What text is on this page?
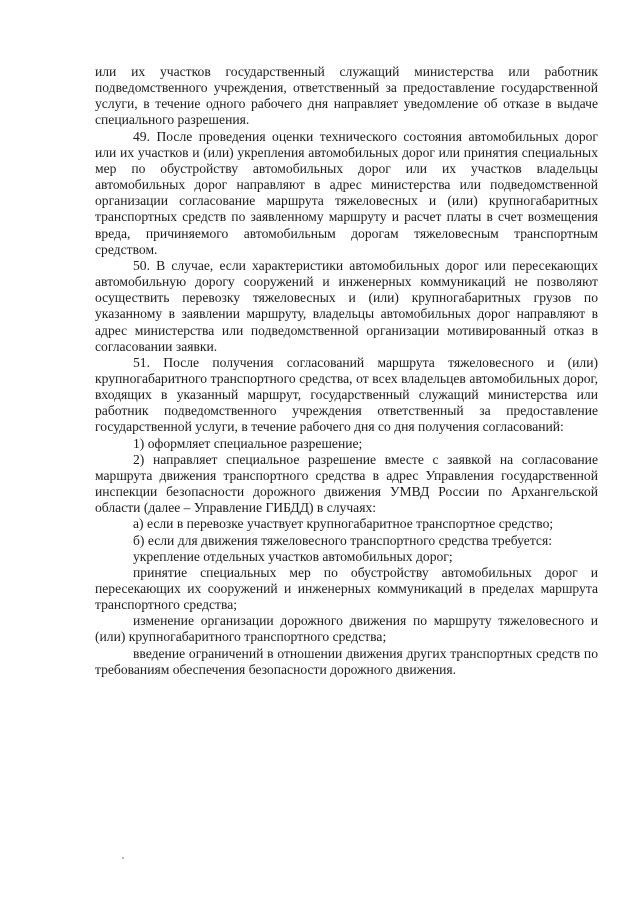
или их участков государственный служащий министерства или работник подведомственного учреждения, ответственный за предоставление государственной услуги, в течение одного рабочего дня направляет уведомление об отказе в выдаче специального разрешения.

49. После проведения оценки технического состояния автомобильных дорог или их участков и (или) укрепления автомобильных дорог или принятия специальных мер по обустройству автомобильных дорог или их участков владельцы автомобильных дорог направляют в адрес министерства или подведомственной организации согласование маршрута тяжеловесных и (или) крупногабаритных транспортных средств по заявленному маршруту и расчет платы в счет возмещения вреда, причиняемого автомобильным дорогам тяжеловесным транспортным средством.

50. В случае, если характеристики автомобильных дорог или пересекающих автомобильную дорогу сооружений и инженерных коммуникаций не позволяют осуществить перевозку тяжеловесных и (или) крупногабаритных грузов по указанному в заявлении маршруту, владельцы автомобильных дорог направляют в адрес министерства или подведомственной организации мотивированный отказ в согласовании заявки.

51. После получения согласований маршрута тяжеловесного и (или) крупногабаритного транспортного средства, от всех владельцев автомобильных дорог, входящих в указанный маршрут, государственный служащий министерства или работник подведомственного учреждения ответственный за предоставление государственной услуги, в течение рабочего дня со дня получения согласований:

1) оформляет специальное разрешение;

2) направляет специальное разрешение вместе с заявкой на согласование маршрута движения транспортного средства в адрес Управления государственной инспекции безопасности дорожного движения УМВД России по Архангельской области (далее – Управление ГИБДД) в случаях:

а) если в перевозке участвует крупногабаритное транспортное средство;

б) если для движения тяжеловесного транспортного средства требуется:

укрепление отдельных участков автомобильных дорог;

принятие специальных мер по обустройству автомобильных дорог и пересекающих их сооружений и инженерных коммуникаций в пределах маршрута транспортного средства;

изменение организации дорожного движения по маршруту тяжеловесного и (или) крупногабаритного транспортного средства;

введение ограничений в отношении движения других транспортных средств по требованиям обеспечения безопасности дорожного движения.
